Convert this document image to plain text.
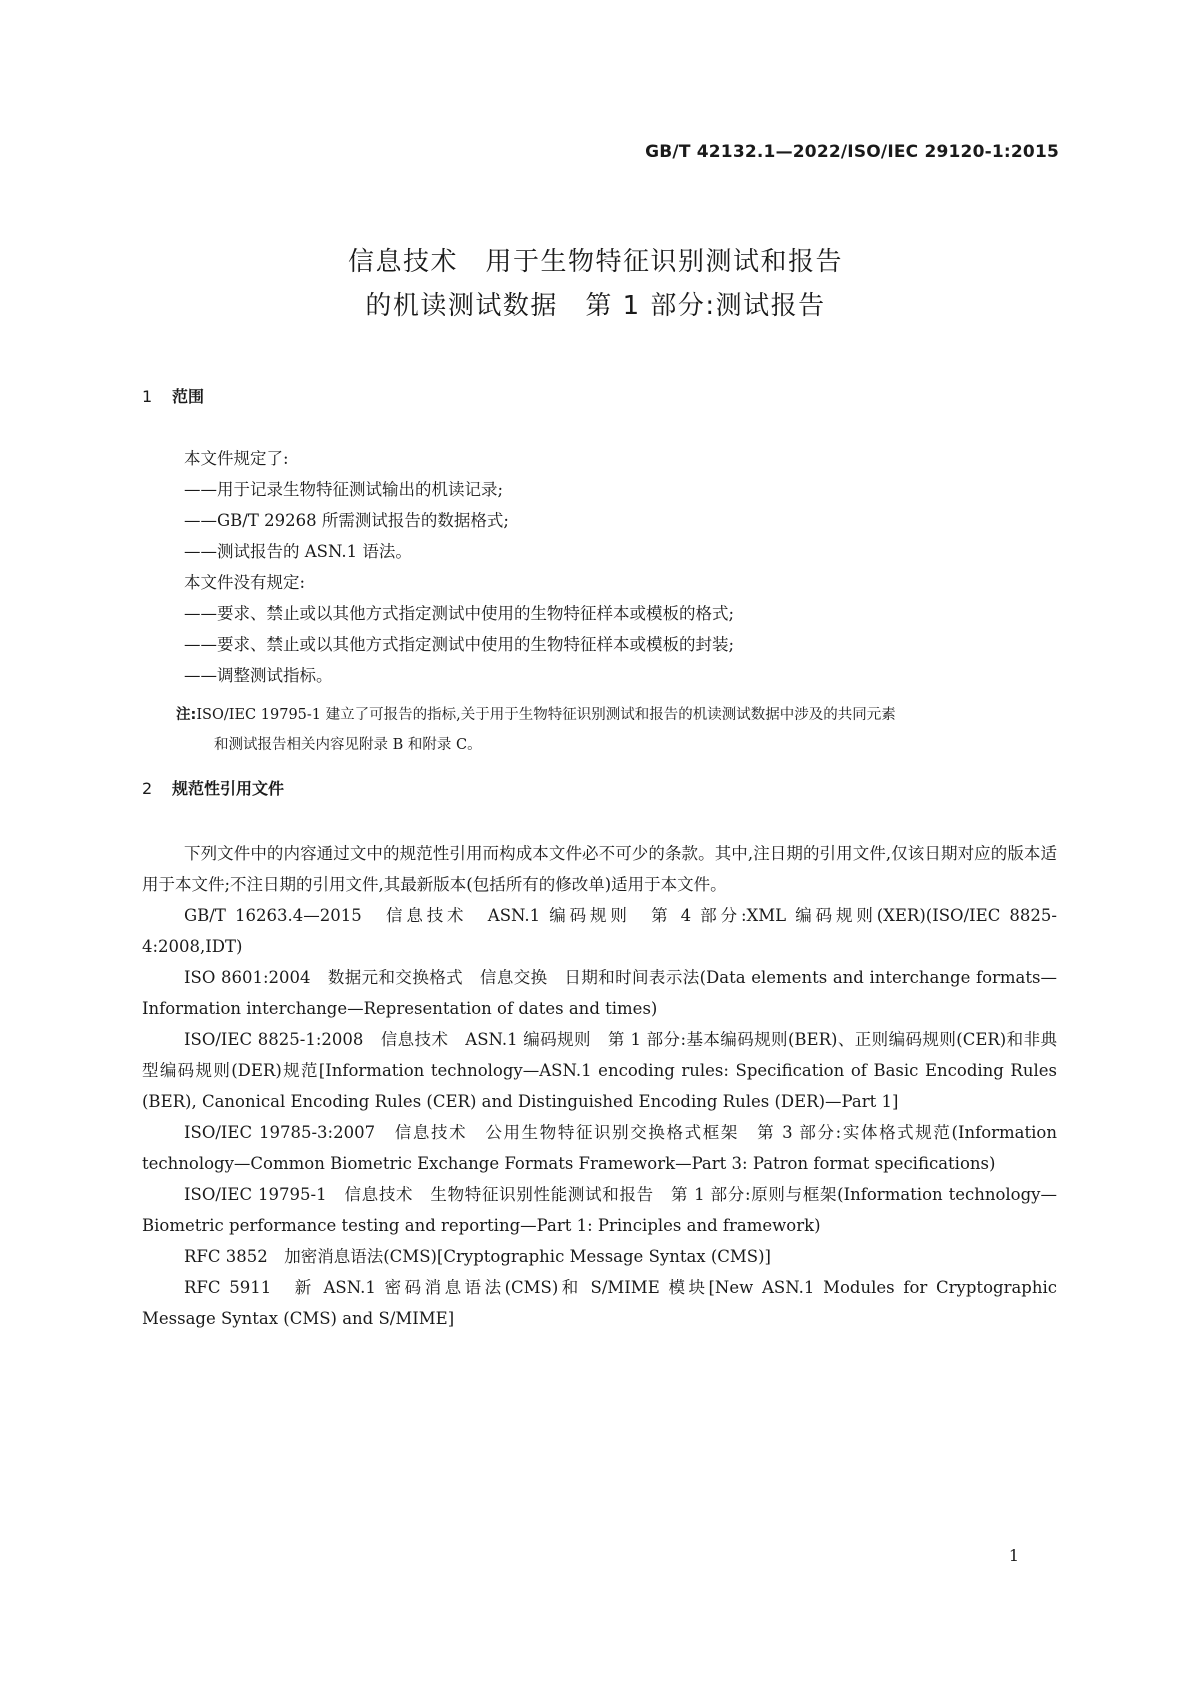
GB/T 42132.1—2022/ISO/IEC 29120-1:2015

信息技术　用于生物特征识别测试和报告
的机读测试数据　第 1 部分:测试报告
1 范围

本文件规定了:

——用于记录生物特征测试输出的机读记录;

——GB/T 29268 所需测试报告的数据格式;

——测试报告的 ASN.1 语法。

本文件没有规定:

——要求、禁止或以其他方式指定测试中使用的生物特征样本或模板的格式;

——要求、禁止或以其他方式指定测试中使用的生物特征样本或模板的封装;

——调整测试指标。

注:ISO/IEC 19795-1 建立了可报告的指标,关于用于生物特征识别测试和报告的机读测试数据中涉及的共同元素
和测试报告相关内容见附录 B 和附录 C。
2 规范性引用文件

下列文件中的内容通过文中的规范性引用而构成本文件必不可少的条款。其中,注日期的引用文件,仅该日期对应的版本适用于本文件;不注日期的引用文件,其最新版本(包括所有的修改单)适用于本文件。

GB/T 16263.4—2015　信息技术　ASN.1 编码规则　第 4 部分:XML 编码规则(XER)(ISO/IEC 8825-4:2008,IDT)

ISO 8601:2004　数据元和交换格式　信息交换　日期和时间表示法(Data elements and interchange formats—Information interchange—Representation of dates and times)

ISO/IEC 8825-1:2008　信息技术　ASN.1 编码规则　第 1 部分:基本编码规则(BER)、正则编码规则(CER)和非典型编码规则(DER)规范[Information technology—ASN.1 encoding rules: Specification of Basic Encoding Rules (BER), Canonical Encoding Rules (CER) and Distinguished Encoding Rules (DER)—Part 1]

ISO/IEC 19785-3:2007　信息技术　公用生物特征识别交换格式框架　第 3 部分:实体格式规范(Information technology—Common Biometric Exchange Formats Framework—Part 3: Patron format specifications)

ISO/IEC 19795-1　信息技术　生物特征识别性能测试和报告　第 1 部分:原则与框架(Information technology—Biometric performance testing and reporting—Part 1: Principles and framework)

RFC 3852　加密消息语法(CMS)[Cryptographic Message Syntax (CMS)]

RFC 5911　新 ASN.1 密码消息语法(CMS)和 S/MIME 模块[New ASN.1 Modules for Cryptographic Message Syntax (CMS) and S/MIME]

1
